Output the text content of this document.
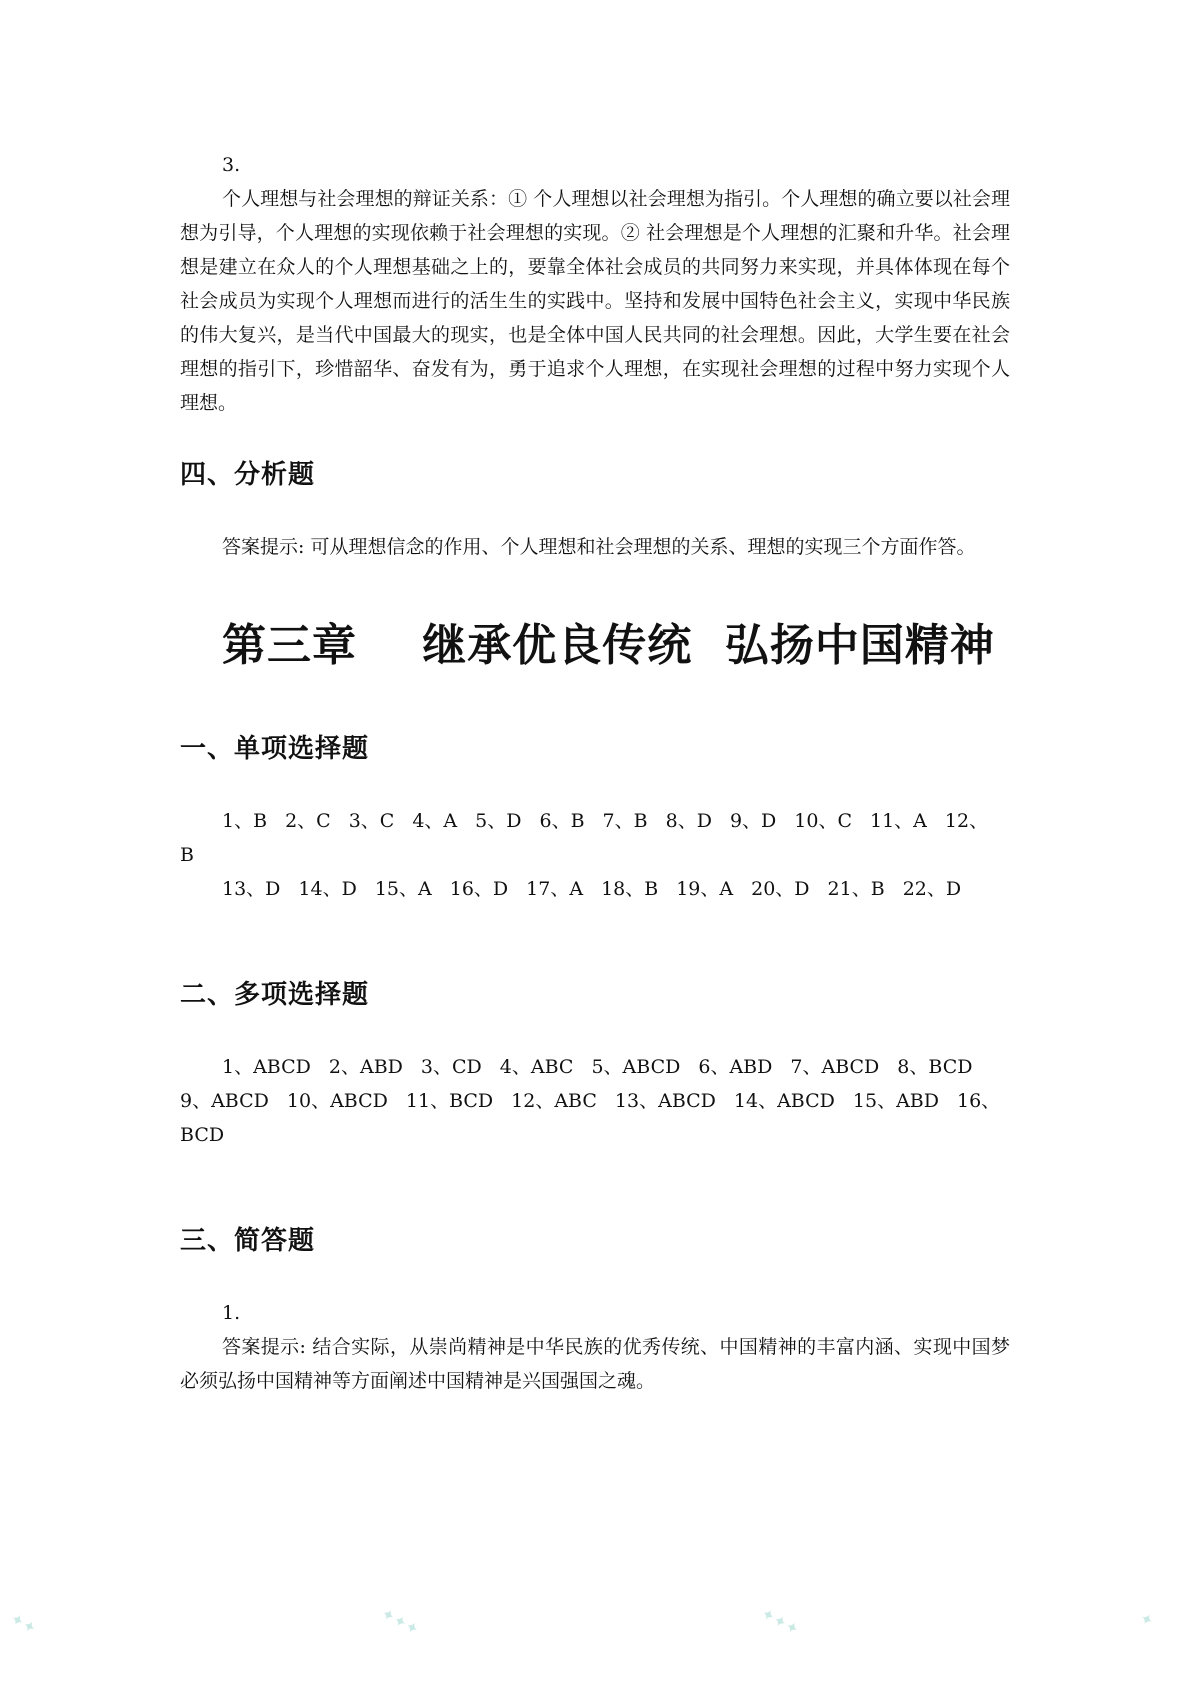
3.

个人理想与社会理想的辩证关系：① 个人理想以社会理想为指引。个人理想的确立要以社会理想为引导，个人理想的实现依赖于社会理想的实现。② 社会理想是个人理想的汇聚和升华。社会理想是建立在众人的个人理想基础之上的，要靠全体社会成员的共同努力来实现，并具体体现在每个社会成员为实现个人理想而进行的活生生的实践中。坚持和发展中国特色社会主义，实现中华民族的伟大复兴，是当代中国最大的现实，也是全体中国人民共同的社会理想。因此，大学生要在社会理想的指引下，珍惜韶华、奋发有为，勇于追求个人理想，在实现社会理想的过程中努力实现个人理想。

四、分析题

答案提示: 可从理想信念的作用、个人理想和社会理想的关系、理想的实现三个方面作答。

第三章    继承优良传统  弘扬中国精神
一、单项选择题

1、B 2、C 3、C 4、A 5、D 6、B 7、B 8、D 9、D 10、C 11、A 12、

B

13、D 14、D 15、A 16、D 17、A 18、B 19、A 20、D 21、B 22、D

二、多项选择题

1、ABCD 2、ABD 3、CD 4、ABC 5、ABCD 6、ABD 7、ABCD 8、BCD

9、ABCD 10、ABCD 11、BCD 12、ABC 13、ABCD 14、ABCD 15、ABD 16、

BCD

三、简答题

1.

答案提示: 结合实际，从崇尚精神是中华民族的优秀传统、中国精神的丰富内涵、实现中国梦必须弘扬中国精神等方面阐述中国精神是兴国强国之魂。

✦✦	✦✦✦	✦✦✦	✦
